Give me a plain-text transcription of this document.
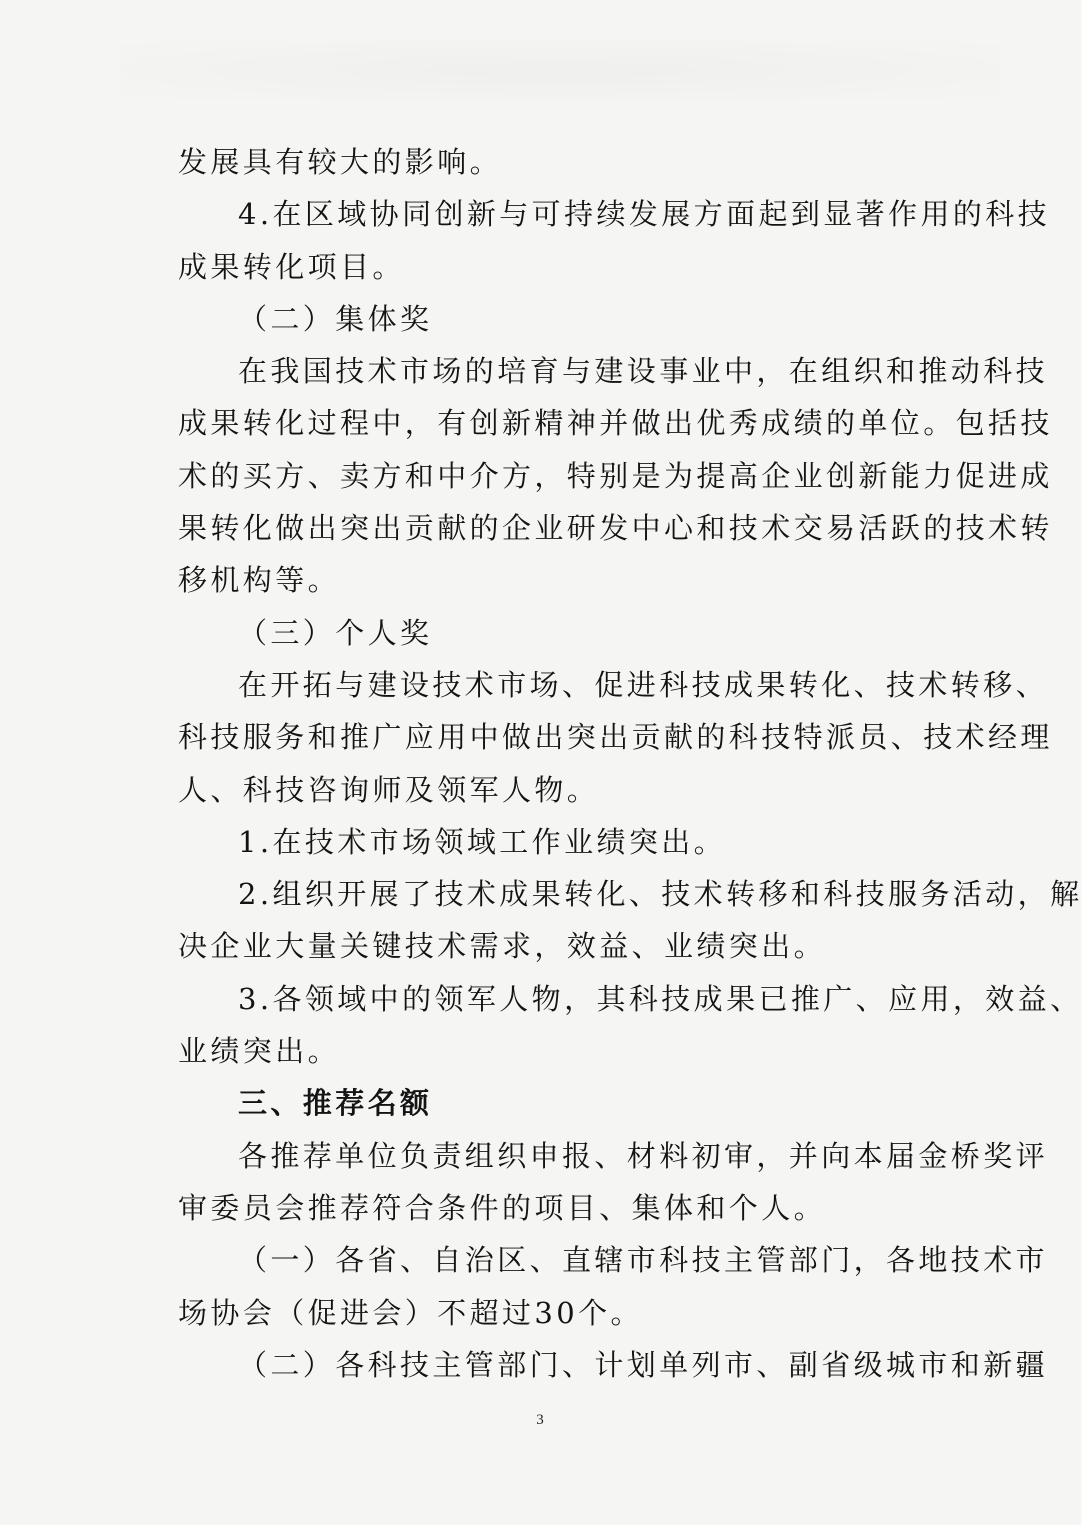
发展具有较大的影响。
4.在区域协同创新与可持续发展方面起到显著作用的科技
成果转化项目。
（二）集体奖
在我国技术市场的培育与建设事业中，在组织和推动科技
成果转化过程中，有创新精神并做出优秀成绩的单位。包括技
术的买方、卖方和中介方，特别是为提高企业创新能力促进成
果转化做出突出贡献的企业研发中心和技术交易活跃的技术转
移机构等。
（三）个人奖
在开拓与建设技术市场、促进科技成果转化、技术转移、
科技服务和推广应用中做出突出贡献的科技特派员、技术经理
人、科技咨询师及领军人物。
1.在技术市场领域工作业绩突出。
2.组织开展了技术成果转化、技术转移和科技服务活动，解
决企业大量关键技术需求，效益、业绩突出。
3.各领域中的领军人物，其科技成果已推广、应用，效益、
业绩突出。
三、推荐名额
各推荐单位负责组织申报、材料初审，并向本届金桥奖评
审委员会推荐符合条件的项目、集体和个人。
（一）各省、自治区、直辖市科技主管部门，各地技术市
场协会（促进会）不超过30个。
（二）各科技主管部门、计划单列市、副省级城市和新疆
3
